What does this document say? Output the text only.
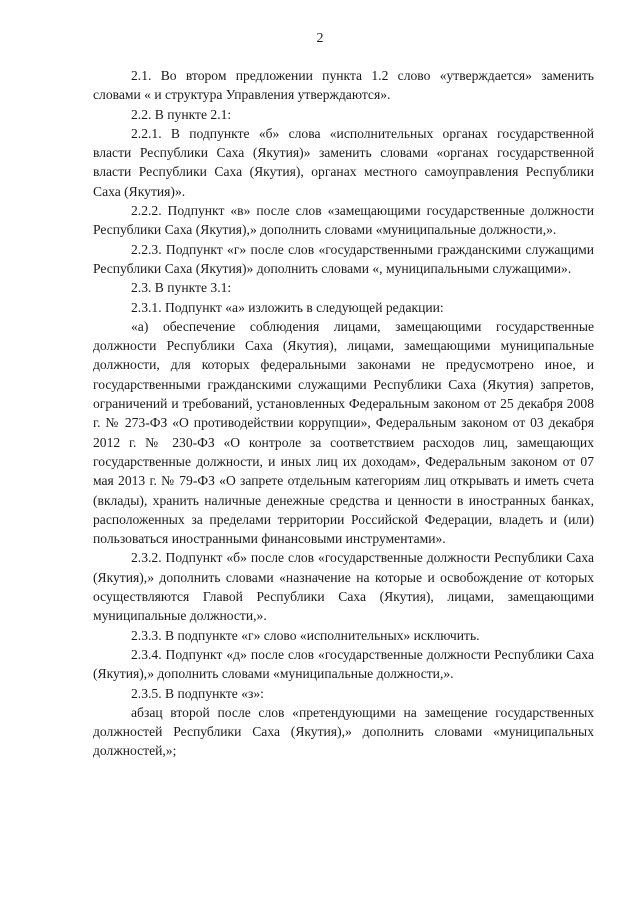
2

2.1. Во втором предложении пункта 1.2 слово «утверждается» заменить словами « и структура Управления утверждаются».

2.2. В пункте 2.1:

2.2.1. В подпункте «б» слова «исполнительных органах государственной власти Республики Саха (Якутия)» заменить словами «органах государственной власти Республики Саха (Якутия), органах местного самоуправления Республики Саха (Якутия)».

2.2.2. Подпункт «в» после слов «замещающими государственные должности Республики Саха (Якутия),» дополнить словами «муниципальные должности,».

2.2.3. Подпункт «г» после слов «государственными гражданскими служащими Республики Саха (Якутия)» дополнить словами «, муниципальными служащими».

2.3. В пункте 3.1:

2.3.1. Подпункт «а» изложить в следующей редакции:

«а) обеспечение соблюдения лицами, замещающими государственные должности Республики Саха (Якутия), лицами, замещающими муниципальные должности, для которых федеральными законами не предусмотрено иное, и государственными гражданскими служащими Республики Саха (Якутия) запретов, ограничений и требований, установленных Федеральным законом от 25 декабря 2008 г. № 273-ФЗ «О противодействии коррупции», Федеральным законом от 03 декабря 2012 г. № 230-ФЗ «О контроле за соответствием расходов лиц, замещающих государственные должности, и иных лиц их доходам», Федеральным законом от 07 мая 2013 г. № 79-ФЗ «О запрете отдельным категориям лиц открывать и иметь счета (вклады), хранить наличные денежные средства и ценности в иностранных банках, расположенных за пределами территории Российской Федерации, владеть и (или) пользоваться иностранными финансовыми инструментами».

2.3.2. Подпункт «б» после слов «государственные должности Республики Саха (Якутия),» дополнить словами «назначение на которые и освобождение от которых осуществляются Главой Республики Саха (Якутия), лицами, замещающими муниципальные должности,».

2.3.3. В подпункте «г» слово «исполнительных» исключить.

2.3.4. Подпункт «д» после слов «государственные должности Республики Саха (Якутия),» дополнить словами «муниципальные должности,».

2.3.5. В подпункте «з»:

абзац второй после слов «претендующими на замещение государственных должностей Республики Саха (Якутия),» дополнить словами «муниципальных должностей,»;
